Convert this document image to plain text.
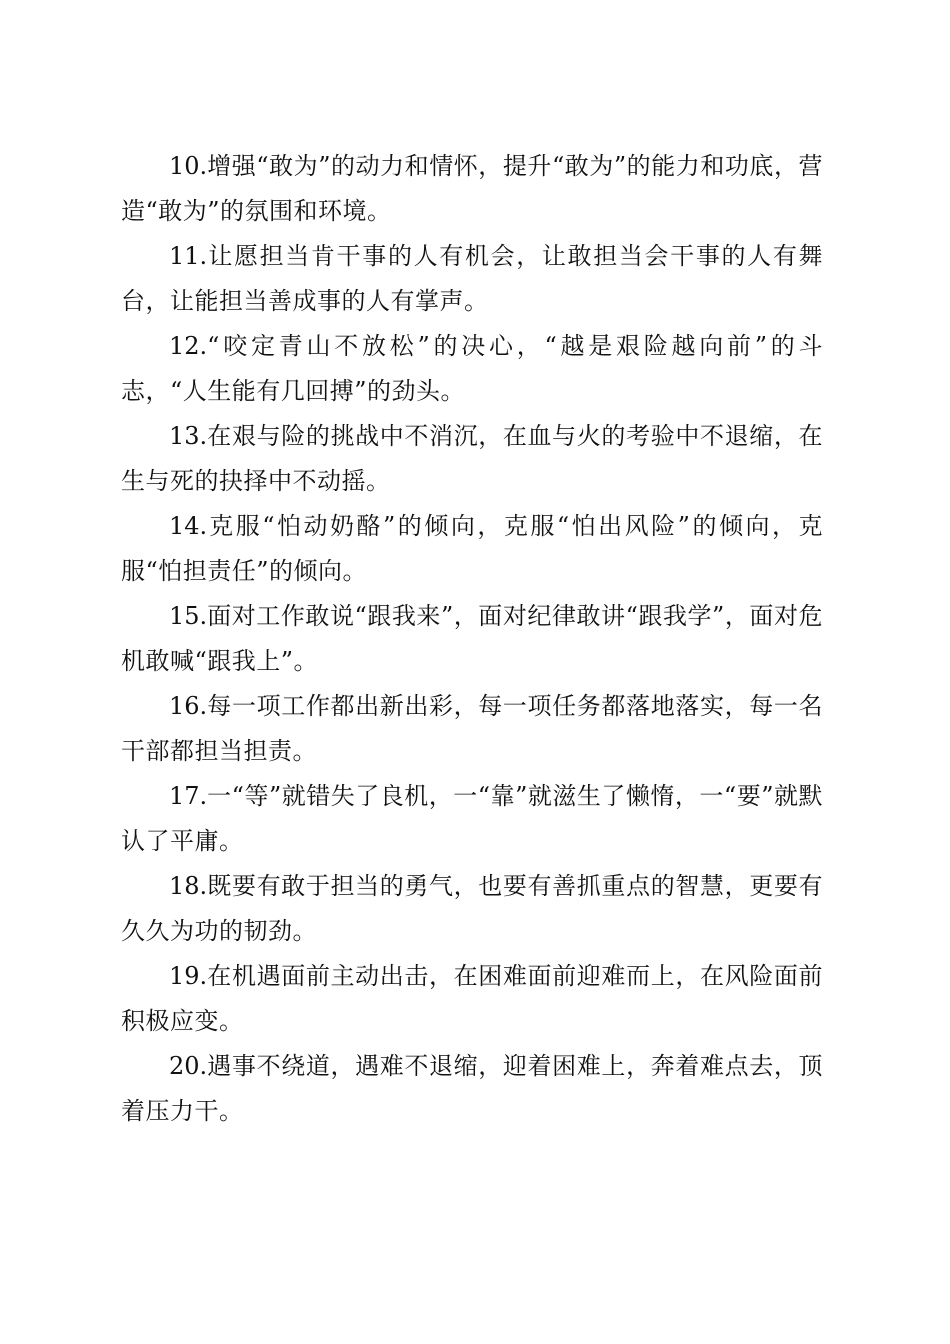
10.增强“敢为”的动力和情怀，提升“敢为”的能力和功底，营造“敢为”的氛围和环境。

11.让愿担当肯干事的人有机会，让敢担当会干事的人有舞台，让能担当善成事的人有掌声。

12.“咬定青山不放松”的决心，“越是艰险越向前”的斗志，“人生能有几回搏”的劲头。

13.在艰与险的挑战中不消沉，在血与火的考验中不退缩，在生与死的抉择中不动摇。

14.克服“怕动奶酪”的倾向，克服“怕出风险”的倾向，克服“怕担责任”的倾向。

15.面对工作敢说“跟我来”，面对纪律敢讲“跟我学”，面对危机敢喊“跟我上”。

16.每一项工作都出新出彩，每一项任务都落地落实，每一名干部都担当担责。

17.一“等”就错失了良机，一“靠”就滋生了懒惰，一“要”就默认了平庸。

18.既要有敢于担当的勇气，也要有善抓重点的智慧，更要有久久为功的韧劲。

19.在机遇面前主动出击，在困难面前迎难而上，在风险面前积极应变。

20.遇事不绕道，遇难不退缩，迎着困难上，奔着难点去，顶着压力干。
